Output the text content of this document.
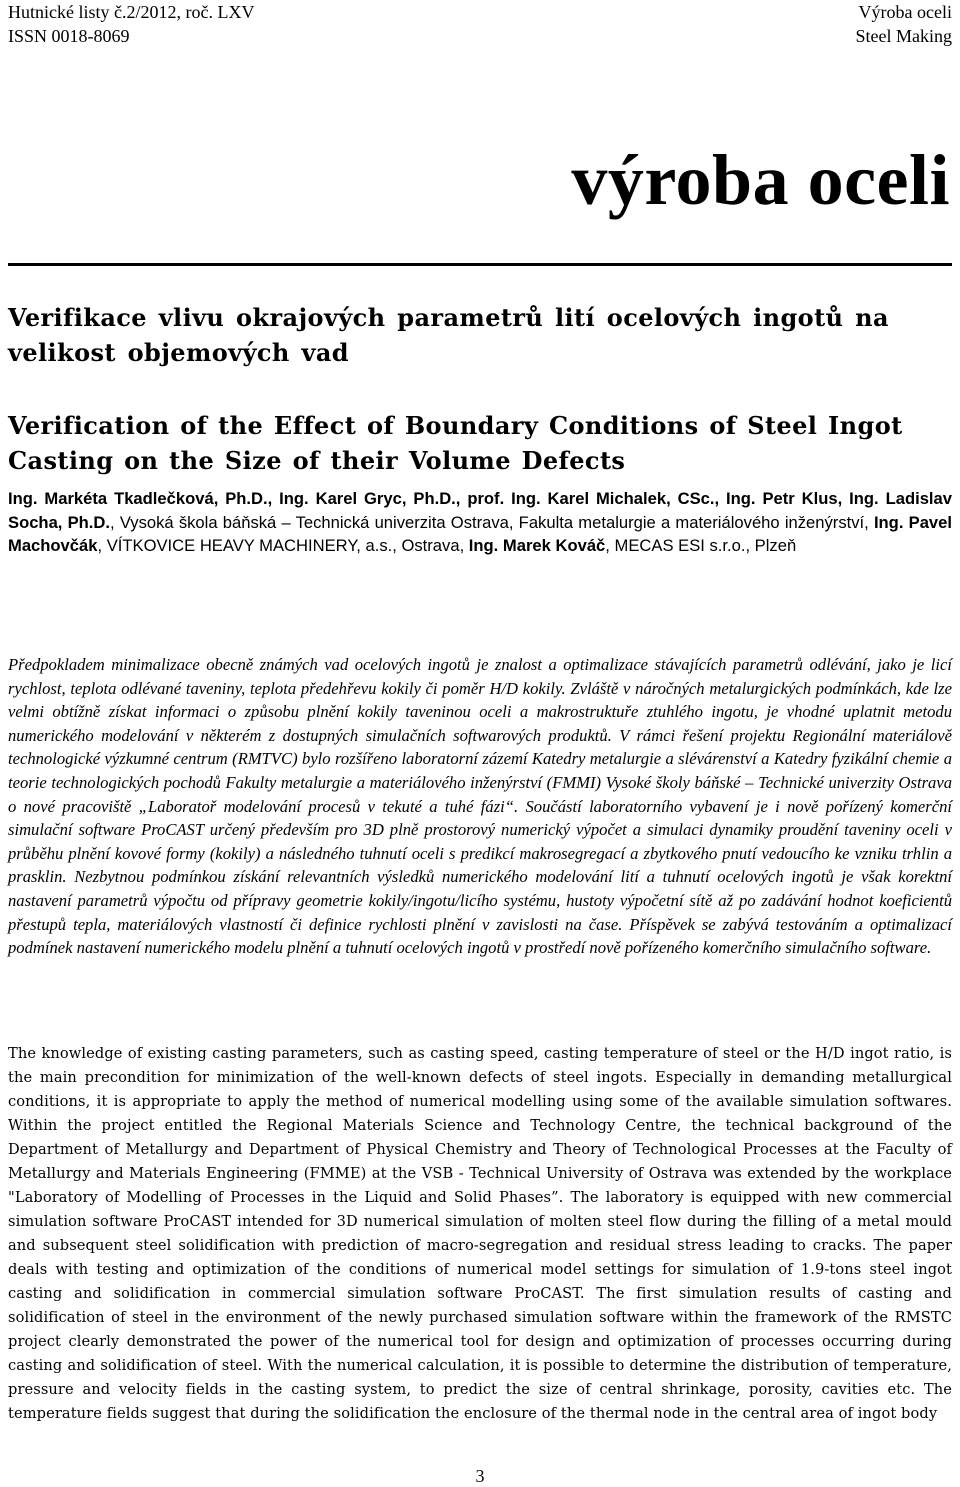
Hutnické listy č.2/2012, roč. LXV
ISSN 0018-8069
Výroba oceli
Steel Making
výroba oceli
Verifikace vlivu okrajových parametrů lití ocelových ingotů na velikost objemových vad
Verification of the Effect of Boundary Conditions of Steel Ingot Casting on the Size of their Volume Defects
Ing. Markéta Tkadlečková, Ph.D., Ing. Karel Gryc, Ph.D., prof. Ing. Karel Michalek, CSc., Ing. Petr Klus, Ing. Ladislav Socha, Ph.D., Vysoká škola báňská – Technická univerzita Ostrava, Fakulta metalurgie a materiálového inženýrství, Ing. Pavel Machovčák, VÍTKOVICE HEAVY MACHINERY, a.s., Ostrava, Ing. Marek Kováč, MECAS ESI s.r.o., Plzeň
Předpokladem minimalizace obecně známých vad ocelových ingotů je znalost a optimalizace stávajících parametrů odlévání, jako je licí rychlost, teplota odlévané taveniny, teplota předehřevu kokily či poměr H/D kokily. Zvláště v náročných metalurgických podmínkách, kde lze velmi obtížně získat informaci o způsobu plnění kokily taveninou oceli a makrostruktuře ztuhlého ingotu, je vhodné uplatnit metodu numerického modelování v některém z dostupných simulačních softwarových produktů. V rámci řešení projektu Regionální materiálově technologické výzkumné centrum (RMTVC) bylo rozšířeno laboratorní zázemí Katedry metalurgie a slévárenství a Katedry fyzikální chemie a teorie technologických pochodů Fakulty metalurgie a materiálového inženýrství (FMMI) Vysoké školy báňské – Technické univerzity Ostrava o nové pracoviště „Laboratoř modelování procesů v tekuté a tuhé fázi“. Součástí laboratorního vybavení je i nově pořízený komerční simulační software ProCAST určený především pro 3D plně prostorový numerický výpočet a simulaci dynamiky proudění taveniny oceli v průběhu plnění kovové formy (kokily) a následného tuhnutí oceli s predikcí makrosegregací a zbytkového pnutí vedoucího ke vzniku trhlin a prasklin. Nezbytnou podmínkou získání relevantních výsledků numerického modelování lití a tuhnutí ocelových ingotů je však korektní nastavení parametrů výpočtu od přípravy geometrie kokily/ingotu/licího systému, hustoty výpočetní sítě až po zadávání hodnot koeficientů přestupů tepla, materiálových vlastností či definice rychlosti plnění v zavislosti na čase. Příspěvek se zabývá testováním a optimalizací podmínek nastavení numerického modelu plnění a tuhnutí ocelových ingotů v prostředí nově pořízeného komerčního simulačního software.
The knowledge of existing casting parameters, such as casting speed, casting temperature of steel or the H/D ingot ratio, is the main precondition for minimization of the well-known defects of steel ingots. Especially in demanding metallurgical conditions, it is appropriate to apply the method of numerical modelling using some of the available simulation softwares. Within the project entitled the Regional Materials Science and Technology Centre, the technical background of the Department of Metallurgy and Department of Physical Chemistry and Theory of Technological Processes at the Faculty of Metallurgy and Materials Engineering (FMME) at the VSB - Technical University of Ostrava was extended by the workplace "Laboratory of Modelling of Processes in the Liquid and Solid Phases”. The laboratory is equipped with new commercial simulation software ProCAST intended for 3D numerical simulation of molten steel flow during the filling of a metal mould and subsequent steel solidification with prediction of macro-segregation and residual stress leading to cracks. The paper deals with testing and optimization of the conditions of numerical model settings for simulation of 1.9-tons steel ingot casting and solidification in commercial simulation software ProCAST. The first simulation results of casting and solidification of steel in the environment of the newly purchased simulation software within the framework of the RMSTC project clearly demonstrated the power of the numerical tool for design and optimization of processes occurring during casting and solidification of steel. With the numerical calculation, it is possible to determine the distribution of temperature, pressure and velocity fields in the casting system, to predict the size of central shrinkage, porosity, cavities etc. The temperature fields suggest that during the solidification the enclosure of the thermal node in the central area of ingot body
3
